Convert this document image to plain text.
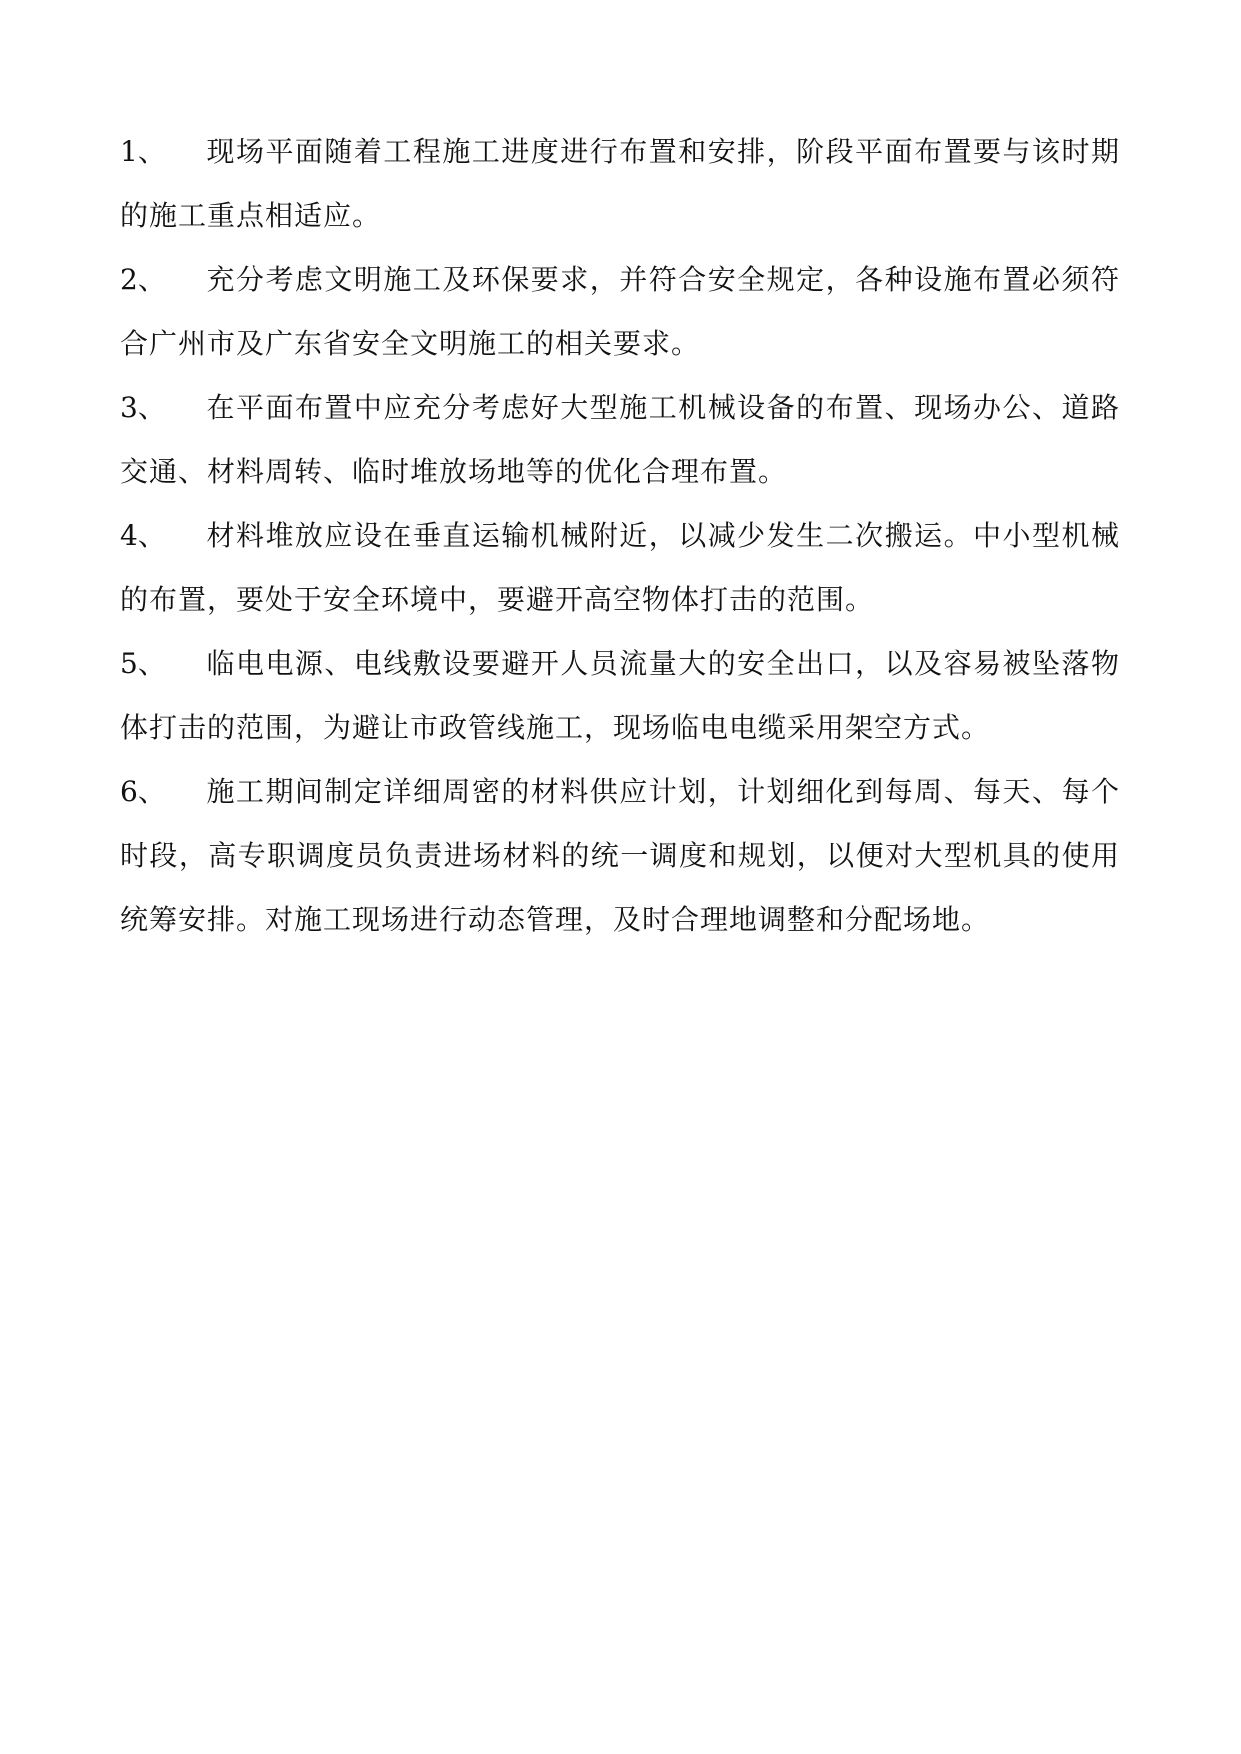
1、 现场平面随着工程施工进度进行布置和安排，阶段平面布置要与该时期的施工重点相适应。

2、 充分考虑文明施工及环保要求，并符合安全规定，各种设施布置必须符合广州市及广东省安全文明施工的相关要求。

3、 在平面布置中应充分考虑好大型施工机械设备的布置、现场办公、道路交通、材料周转、临时堆放场地等的优化合理布置。

4、 材料堆放应设在垂直运输机械附近，以减少发生二次搬运。中小型机械的布置，要处于安全环境中，要避开高空物体打击的范围。

5、 临电电源、电线敷设要避开人员流量大的安全出口，以及容易被坠落物体打击的范围，为避让市政管线施工，现场临电电缆采用架空方式。

6、 施工期间制定详细周密的材料供应计划，计划细化到每周、每天、每个时段，高专职调度员负责进场材料的统一调度和规划，以便对大型机具的使用统筹安排。对施工现场进行动态管理，及时合理地调整和分配场地。
